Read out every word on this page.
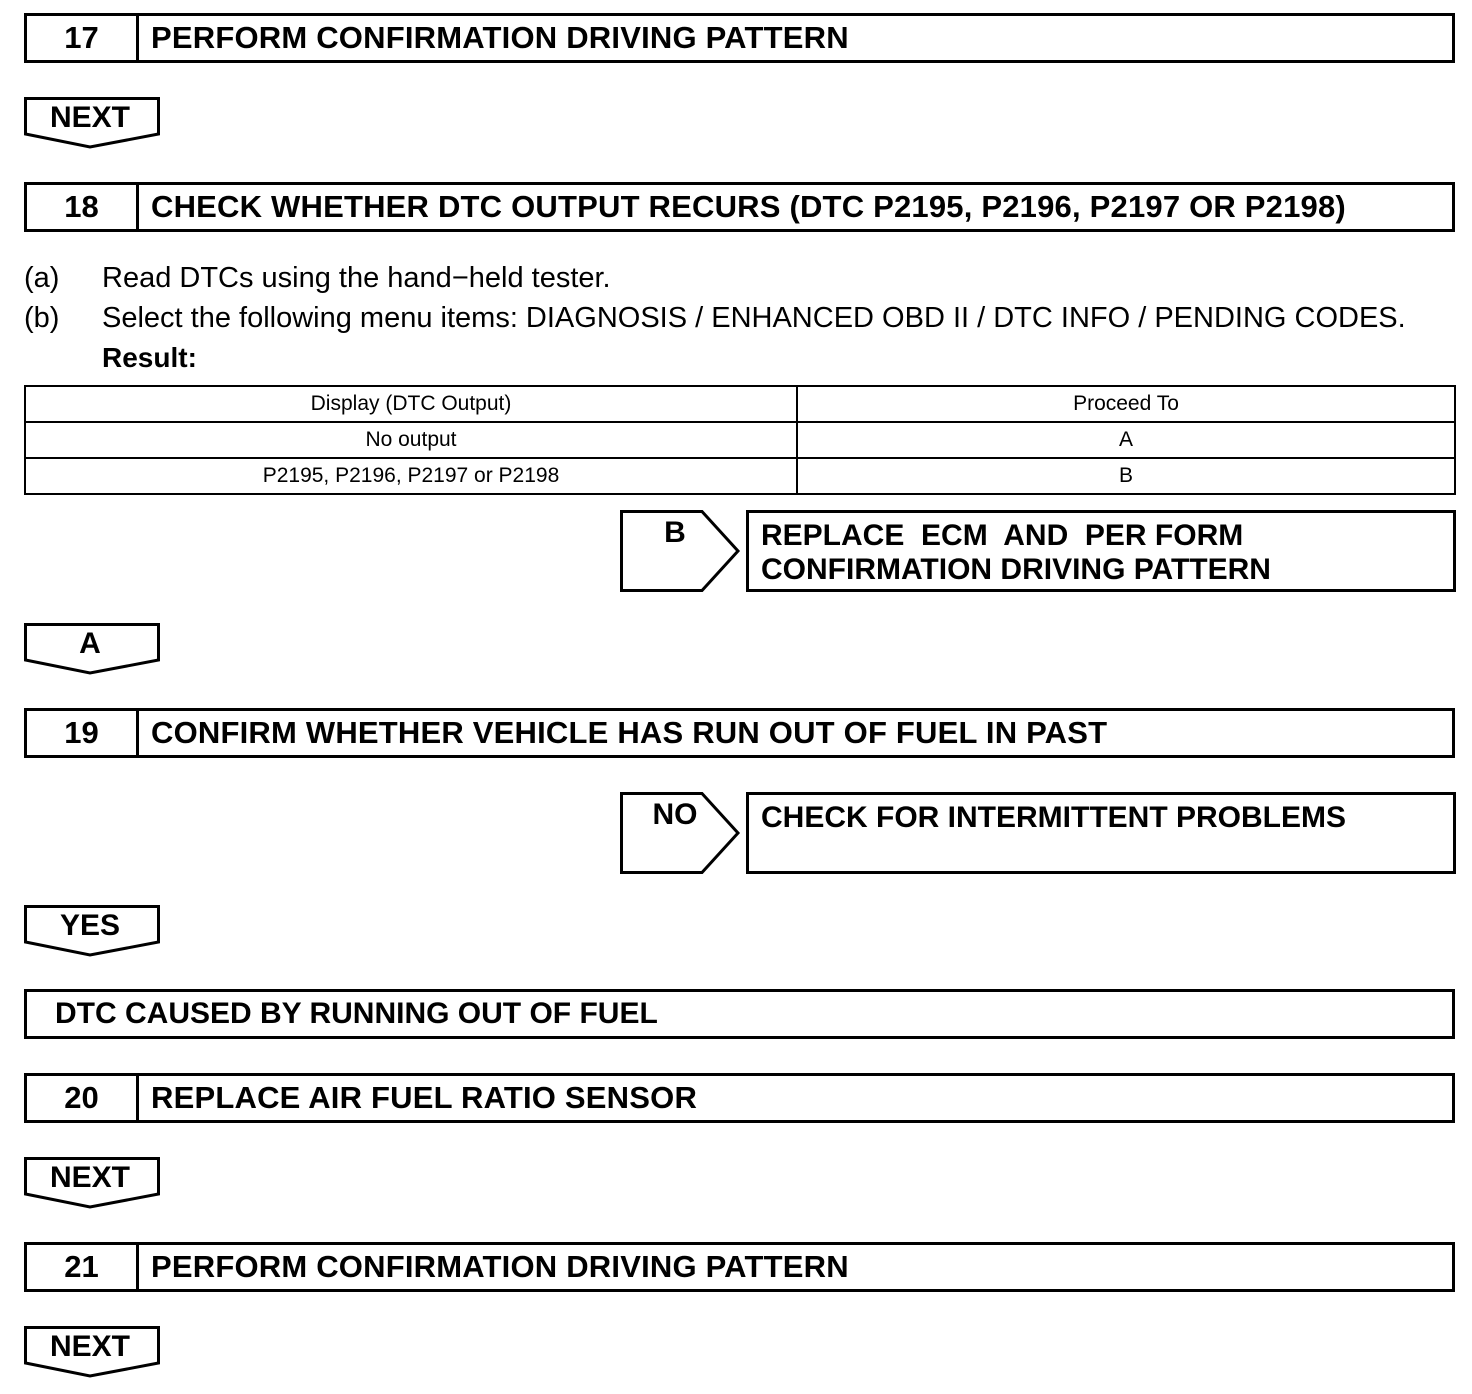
17	PERFORM CONFIRMATION DRIVING PATTERN
NEXT
18	CHECK WHETHER DTC OUTPUT RECURS (DTC P2195, P2196, P2197 OR P2198)
(a)	Read DTCs using the hand−held tester.
(b)	Select the following menu items: DIAGNOSIS / ENHANCED OBD II / DTC INFO / PENDING CODES.
Result:
Display (DTC Output)	Proceed To
No output	A
P2195, P2196, P2197 or P2198	B
B	REPLACE  ECM  AND  PER FORM
CONFIRMATION DRIVING PATTERN
A
19	CONFIRM WHETHER VEHICLE HAS RUN OUT OF FUEL IN PAST
NO	CHECK FOR INTERMITTENT PROBLEMS
YES
DTC CAUSED BY RUNNING OUT OF FUEL
20	REPLACE AIR FUEL RATIO SENSOR
NEXT
21	PERFORM CONFIRMATION DRIVING PATTERN
NEXT
